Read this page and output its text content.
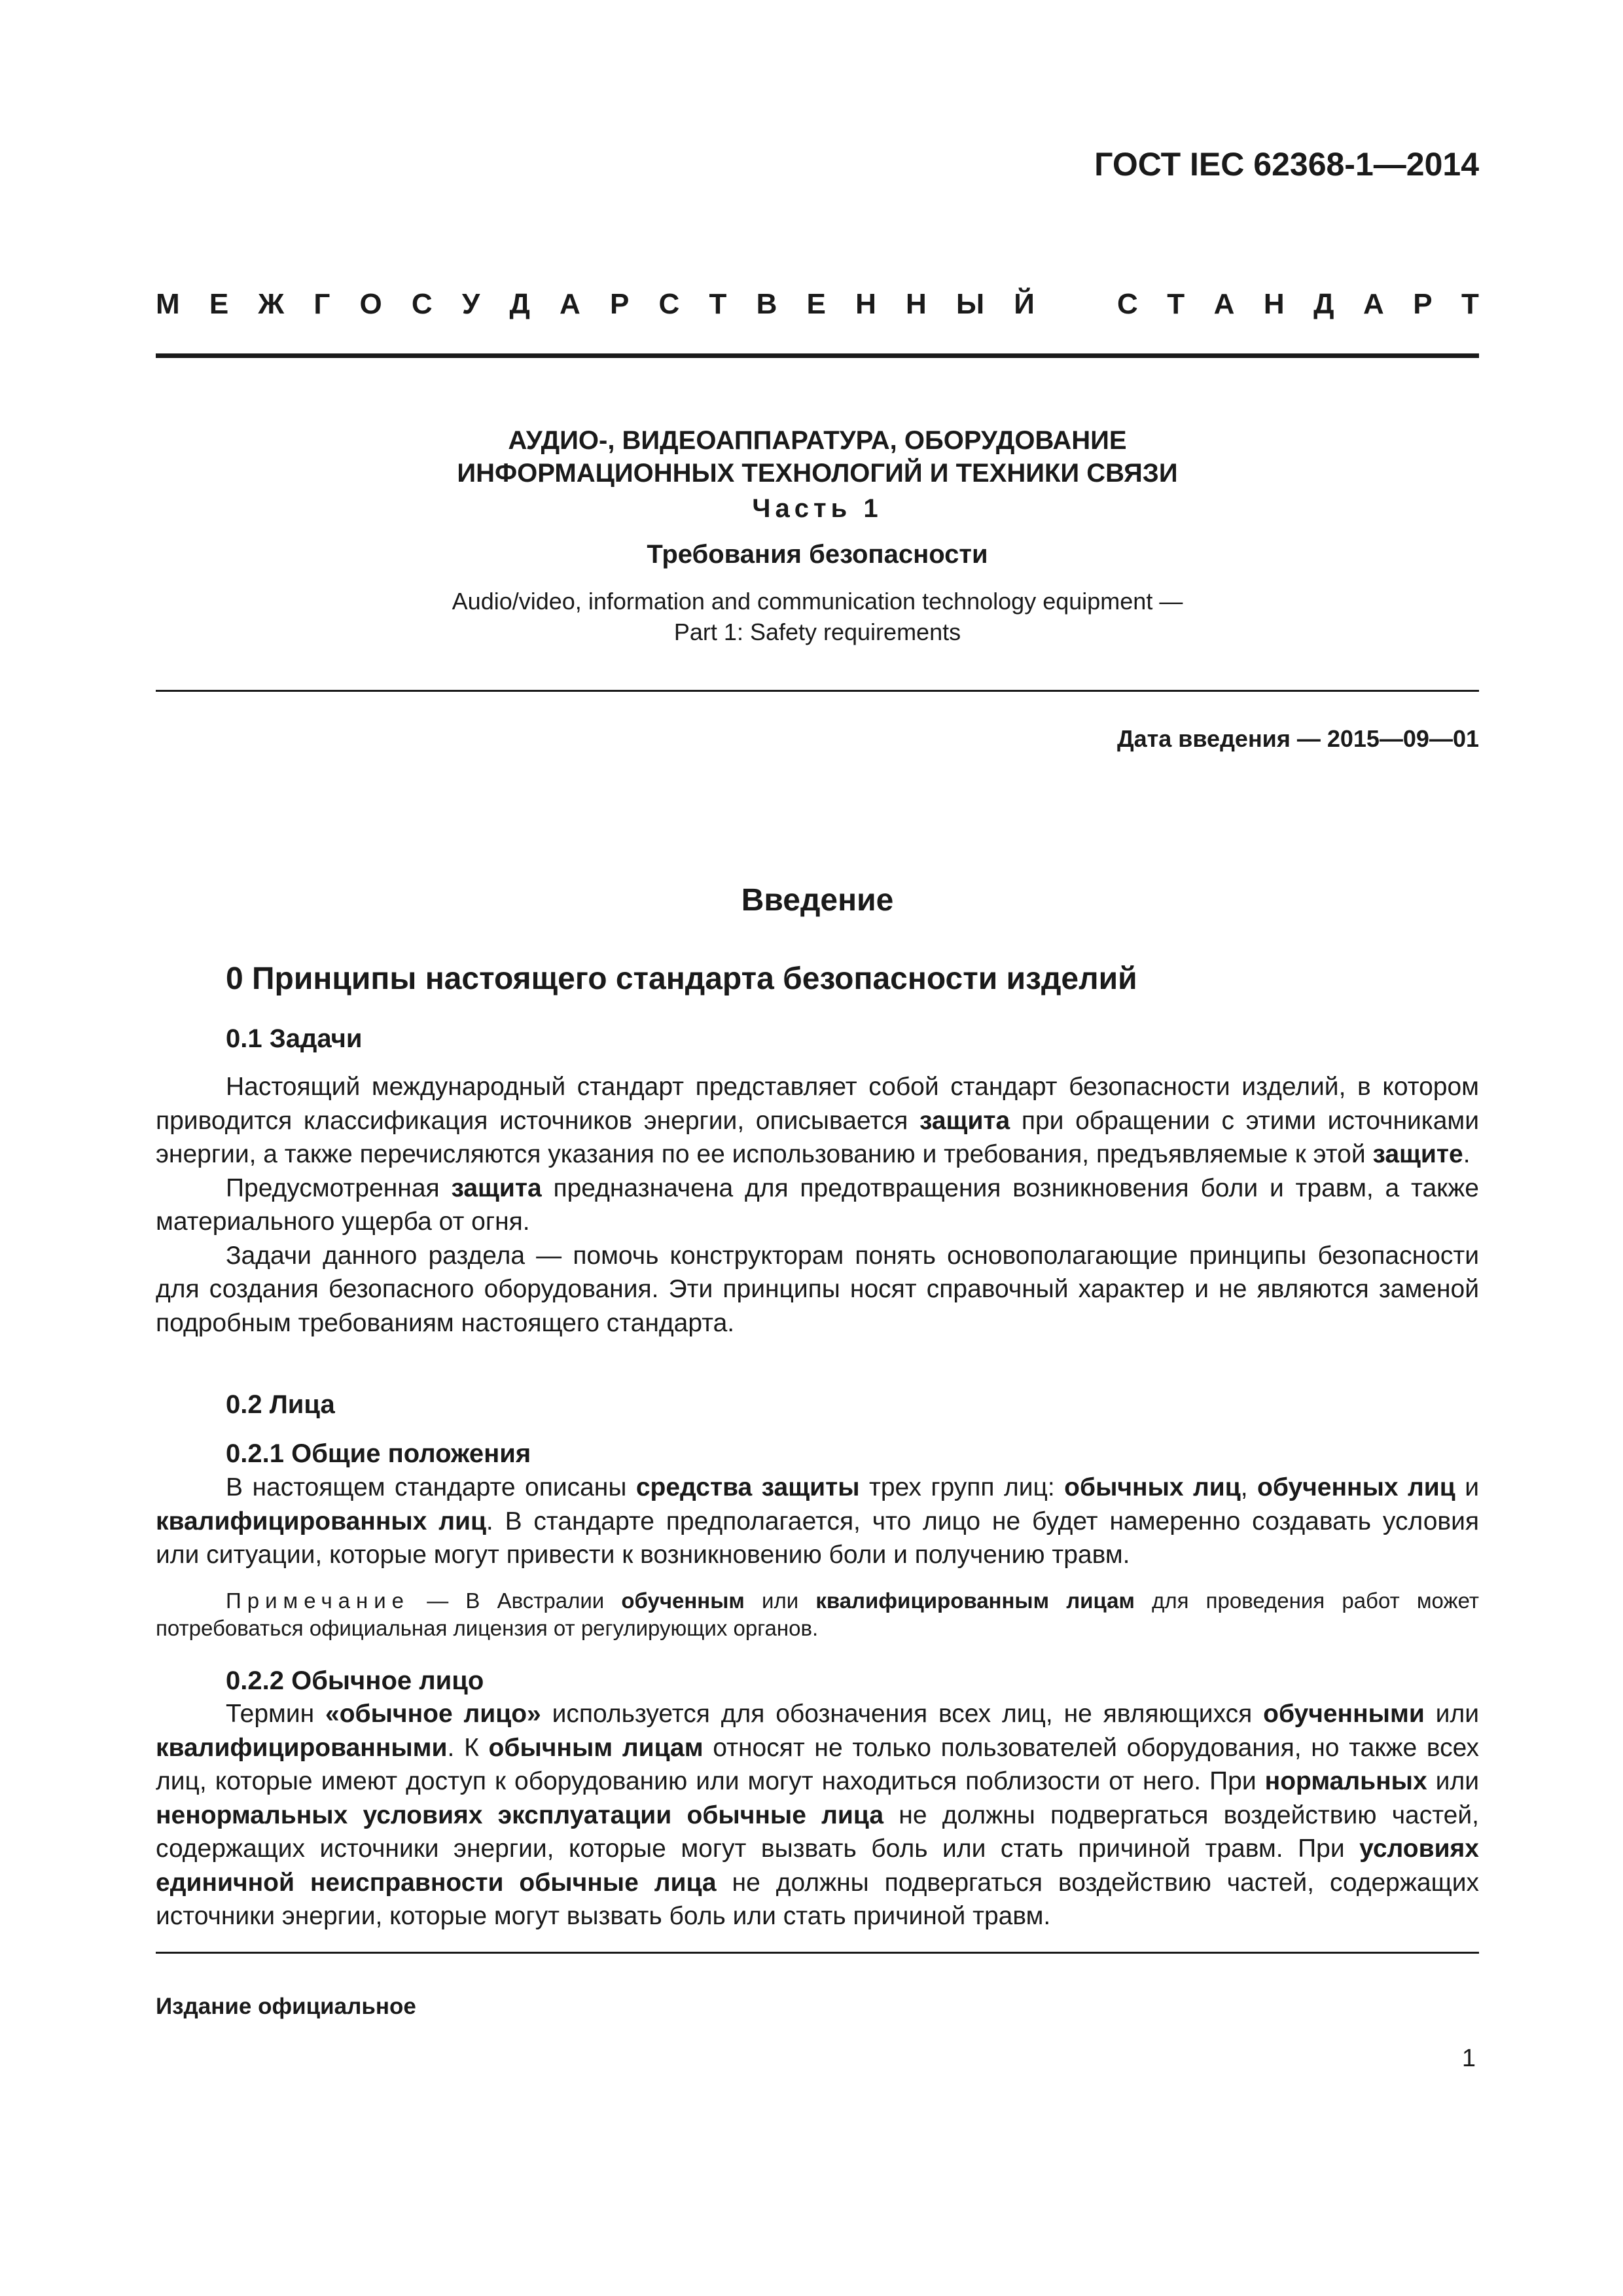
ГОСТ IEC 62368-1—2014
М Е Ж Г О С У Д А Р С Т В Е Н Н Ы Й	С Т А Н Д А Р Т
АУДИО-, ВИДЕОАППАРАТУРА, ОБОРУДОВАНИЕ
ИНФОРМАЦИОННЫХ ТЕХНОЛОГИЙ И ТЕХНИКИ СВЯЗИ
Часть 1
Требования безопасности
Audio/video, information and communication technology equipment —
Part 1: Safety requirements
Дата введения — 2015—09—01
Введение
0 Принципы настоящего стандарта безопасности изделий
0.1 Задачи

Настоящий международный стандарт представляет собой стандарт безопасности изделий, в котором приводится классификация источников энергии, описывается защита при обращении с этими источниками энергии, а также перечисляются указания по ее использованию и требования, предъявляемые к этой защите.

Предусмотренная защита предназначена для предотвращения возникновения боли и травм, а также материального ущерба от огня.

Задачи данного раздела — помочь конструкторам понять основополагающие принципы безопасности для создания безопасного оборудования. Эти принципы носят справочный характер и не являются заменой подробным требованиям настоящего стандарта.

0.2 Лица
0.2.1 Общие положения

В настоящем стандарте описаны средства защиты трех групп лиц: обычных лиц, обученных лиц и квалифицированных лиц. В стандарте предполагается, что лицо не будет намеренно создавать условия или ситуации, которые могут привести к возникновению боли и получению травм.

Примечание — В Австралии обученным или квалифицированным лицам для проведения работ может потребоваться официальная лицензия от регулирующих органов.

0.2.2 Обычное лицо

Термин «обычное лицо» используется для обозначения всех лиц, не являющихся обученными или квалифицированными. К обычным лицам относят не только пользователей оборудования, но также всех лиц, которые имеют доступ к оборудованию или могут находиться поблизости от него. При нормальных или ненормальных условиях эксплуатации обычные лица не должны подвергаться воздействию частей, содержащих источники энергии, которые могут вызвать боль или стать причиной травм. При условиях единичной неисправности обычные лица не должны подвергаться воздействию частей, содержащих источники энергии, которые могут вызвать боль или стать причиной травм.

Издание официальное
1
